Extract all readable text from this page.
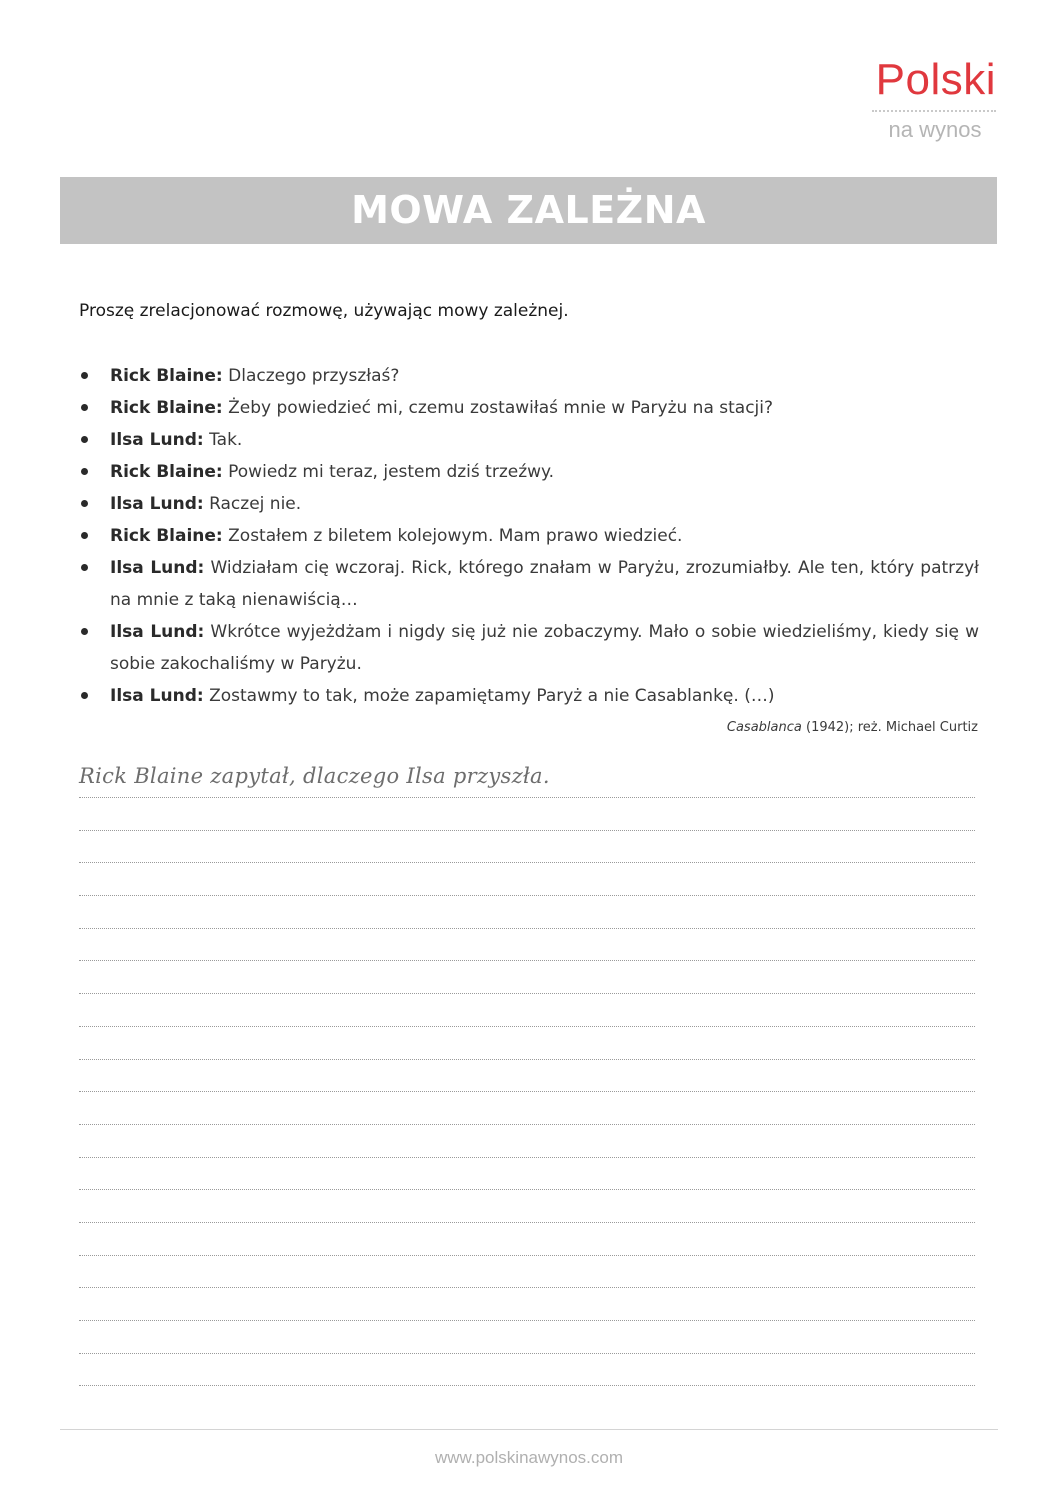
Polski
na wynos
MOWA ZALEŻNA
Proszę zrelacjonować rozmowę, używając mowy zależnej.
Rick Blaine: Dlaczego przyszłaś?
Rick Blaine: Żeby powiedzieć mi, czemu zostawiłaś mnie w Paryżu na stacji?
Ilsa Lund: Tak.
Rick Blaine: Powiedz mi teraz, jestem dziś trzeźwy.
Ilsa Lund: Raczej nie.
Rick Blaine: Zostałem z biletem kolejowym. Mam prawo wiedzieć.
Ilsa Lund: Widziałam cię wczoraj. Rick, którego znałam w Paryżu, zrozumiałby. Ale ten, który patrzył na mnie z taką nienawiścią…
Ilsa Lund: Wkrótce wyjeżdżam i nigdy się już nie zobaczymy. Mało o sobie wiedzieliśmy, kiedy się w sobie zakochaliśmy w Paryżu.
Ilsa Lund: Zostawmy to tak, może zapamiętamy Paryż a nie Casablankę. (…)
Casablanca (1942); reż. Michael Curtiz
Rick Blaine zapytał, dlaczego Ilsa przyszła.
www.polskinawynos.com
